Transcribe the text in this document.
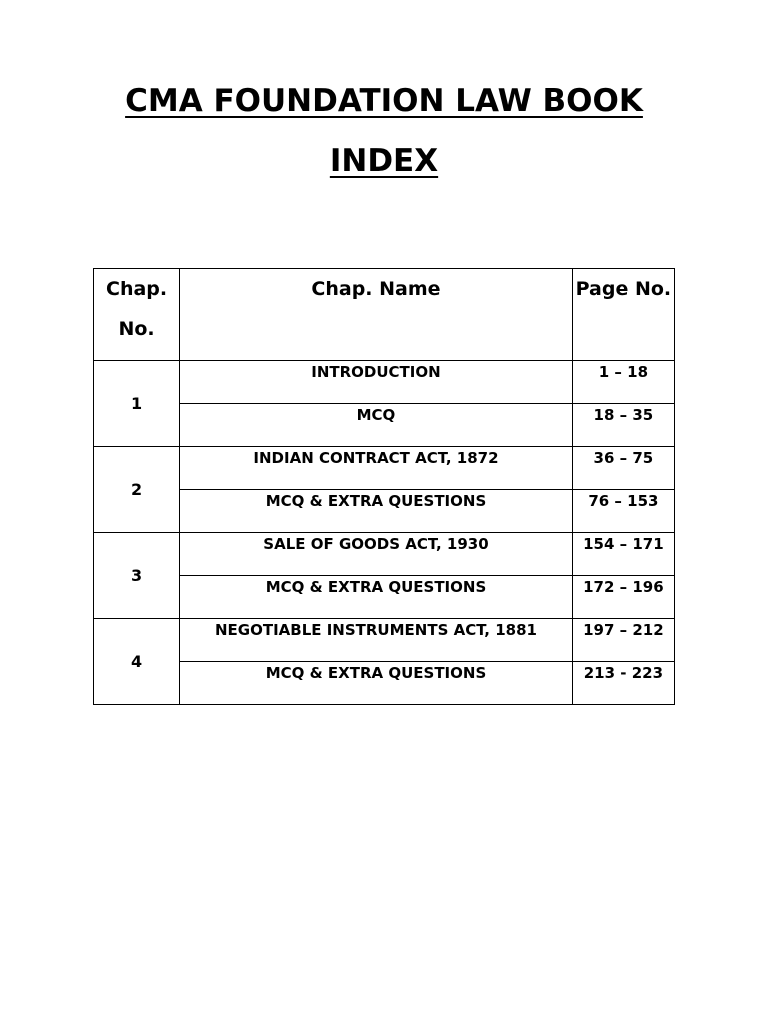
CMA FOUNDATION LAW BOOK
INDEX
Chap. No.	Chap. Name	Page No.
1	INTRODUCTION	1 – 18
	MCQ	18 – 35
2	INDIAN CONTRACT ACT, 1872	36 – 75
	MCQ & EXTRA QUESTIONS	76 – 153
3	SALE OF GOODS ACT, 1930	154 – 171
	MCQ & EXTRA QUESTIONS	172 – 196
4	NEGOTIABLE INSTRUMENTS ACT, 1881	197 – 212
	MCQ & EXTRA QUESTIONS	213 - 223
